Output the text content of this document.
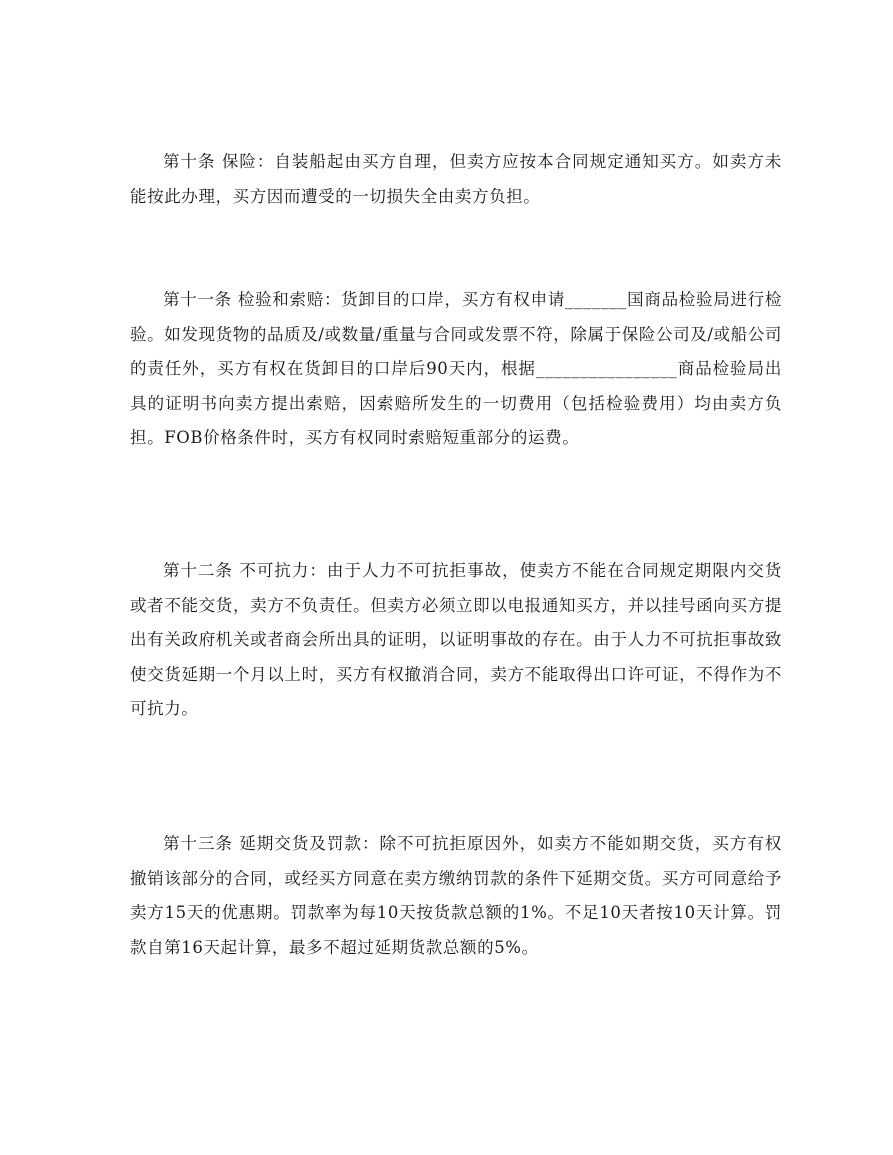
第十条 保险：自装船起由买方自理，但卖方应按本合同规定通知买方。如卖方未能按此办理，买方因而遭受的一切损失全由卖方负担。

第十一条 检验和索赔：货卸目的口岸，买方有权申请_______国商品检验局进行检验。如发现货物的品质及/或数量/重量与合同或发票不符，除属于保险公司及/或船公司的责任外，买方有权在货卸目的口岸后90天内，根据________________商品检验局出具的证明书向卖方提出索赔，因索赔所发生的一切费用（包括检验费用）均由卖方负担。FOB价格条件时，买方有权同时索赔短重部分的运费。

第十二条 不可抗力：由于人力不可抗拒事故，使卖方不能在合同规定期限内交货或者不能交货，卖方不负责任。但卖方必须立即以电报通知买方，并以挂号函向买方提出有关政府机关或者商会所出具的证明，以证明事故的存在。由于人力不可抗拒事故致使交货延期一个月以上时，买方有权撤消合同，卖方不能取得出口许可证，不得作为不可抗力。

第十三条 延期交货及罚款：除不可抗拒原因外，如卖方不能如期交货，买方有权撤销该部分的合同，或经买方同意在卖方缴纳罚款的条件下延期交货。买方可同意给予卖方15天的优惠期。罚款率为每10天按货款总额的1%。不足10天者按10天计算。罚款自第16天起计算，最多不超过延期货款总额的5%。
